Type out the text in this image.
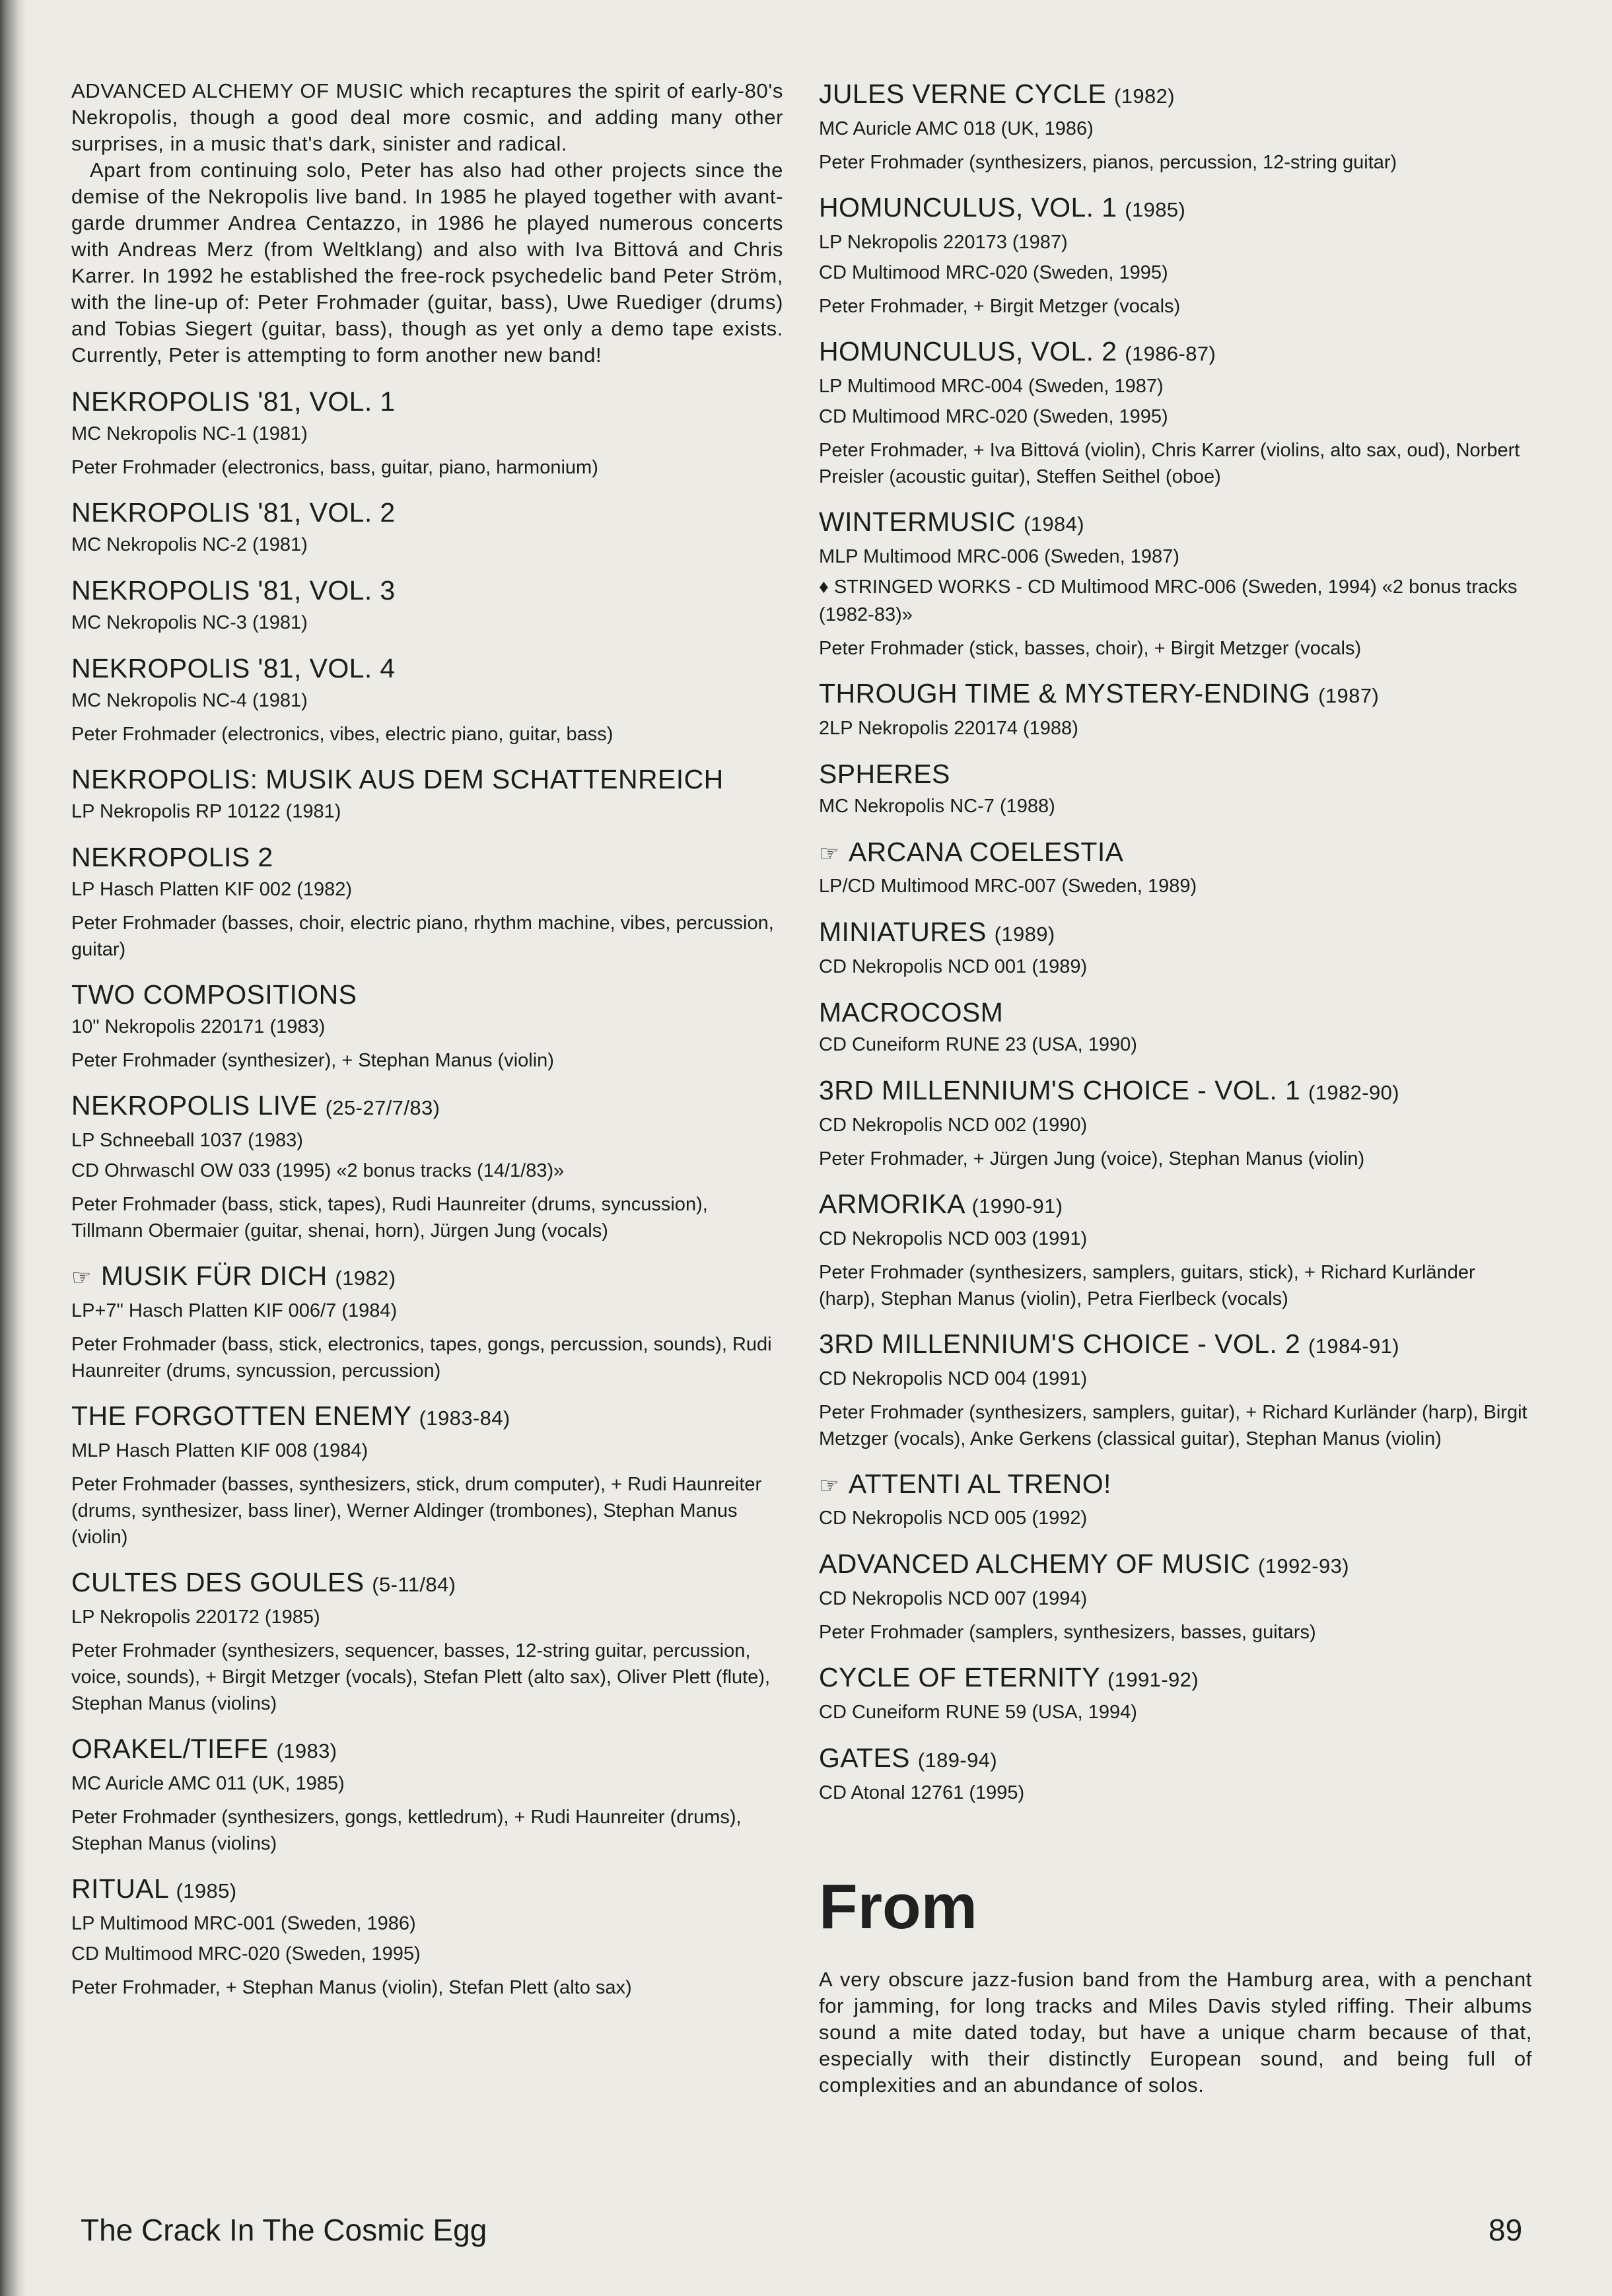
ADVANCED ALCHEMY OF MUSIC which recaptures the spirit of early-80's Nekropolis, though a good deal more cosmic, and adding many other surprises, in a music that's dark, sinister and radical.

Apart from continuing solo, Peter has also had other projects since the demise of the Nekropolis live band. In 1985 he played together with avant-garde drummer Andrea Centazzo, in 1986 he played numerous concerts with Andreas Merz (from Weltklang) and also with Iva Bittová and Chris Karrer. In 1992 he established the free-rock psychedelic band Peter Ström, with the line-up of: Peter Frohmader (guitar, bass), Uwe Ruediger (drums) and Tobias Siegert (guitar, bass), though as yet only a demo tape exists. Currently, Peter is attempting to form another new band!

NEKROPOLIS '81, VOL. 1
MC Nekropolis NC-1 (1981)
Peter Frohmader (electronics, bass, guitar, piano, harmonium)
NEKROPOLIS '81, VOL. 2
MC Nekropolis NC-2 (1981)
NEKROPOLIS '81, VOL. 3
MC Nekropolis NC-3 (1981)
NEKROPOLIS '81, VOL. 4
MC Nekropolis NC-4 (1981)
Peter Frohmader (electronics, vibes, electric piano, guitar, bass)
NEKROPOLIS: MUSIK AUS DEM SCHATTENREICH
LP Nekropolis RP 10122 (1981)
NEKROPOLIS 2
LP Hasch Platten KIF 002 (1982)
Peter Frohmader (basses, choir, electric piano, rhythm machine, vibes, percussion, guitar)
TWO COMPOSITIONS
10" Nekropolis 220171 (1983)
Peter Frohmader (synthesizer), + Stephan Manus (violin)
NEKROPOLIS LIVE (25-27/7/83)
LP Schneeball 1037 (1983)
CD Ohrwaschl OW 033 (1995) «2 bonus tracks (14/1/83)»
Peter Frohmader (bass, stick, tapes), Rudi Haunreiter (drums, syncussion), Tillmann Obermaier (guitar, shenai, horn), Jürgen Jung (vocals)
☞ MUSIK FÜR DICH (1982)
LP+7" Hasch Platten KIF 006/7 (1984)
Peter Frohmader (bass, stick, electronics, tapes, gongs, percussion, sounds), Rudi Haunreiter (drums, syncussion, percussion)
THE FORGOTTEN ENEMY (1983-84)
MLP Hasch Platten KIF 008 (1984)
Peter Frohmader (basses, synthesizers, stick, drum computer), + Rudi Haunreiter (drums, synthesizer, bass liner), Werner Aldinger (trombones), Stephan Manus (violin)
CULTES DES GOULES (5-11/84)
LP Nekropolis 220172 (1985)
Peter Frohmader (synthesizers, sequencer, basses, 12-string guitar, percussion, voice, sounds), + Birgit Metzger (vocals), Stefan Plett (alto sax), Oliver Plett (flute), Stephan Manus (violins)
ORAKEL/TIEFE (1983)
MC Auricle AMC 011 (UK, 1985)
Peter Frohmader (synthesizers, gongs, kettledrum), + Rudi Haunreiter (drums), Stephan Manus (violins)
RITUAL (1985)
LP Multimood MRC-001 (Sweden, 1986)
CD Multimood MRC-020 (Sweden, 1995)
Peter Frohmader, + Stephan Manus (violin), Stefan Plett (alto sax)
JULES VERNE CYCLE (1982)
MC Auricle AMC 018 (UK, 1986)
Peter Frohmader (synthesizers, pianos, percussion, 12-string guitar)
HOMUNCULUS, VOL. 1 (1985)
LP Nekropolis 220173 (1987)
CD Multimood MRC-020 (Sweden, 1995)
Peter Frohmader, + Birgit Metzger (vocals)
HOMUNCULUS, VOL. 2 (1986-87)
LP Multimood MRC-004 (Sweden, 1987)
CD Multimood MRC-020 (Sweden, 1995)
Peter Frohmader, + Iva Bittová (violin), Chris Karrer (violins, alto sax, oud), Norbert Preisler (acoustic guitar), Steffen Seithel (oboe)
WINTERMUSIC (1984)
MLP Multimood MRC-006 (Sweden, 1987)
♦ STRINGED WORKS - CD Multimood MRC-006 (Sweden, 1994) «2 bonus tracks (1982-83)»
Peter Frohmader (stick, basses, choir), + Birgit Metzger (vocals)
THROUGH TIME & MYSTERY-ENDING (1987)
2LP Nekropolis 220174 (1988)
SPHERES
MC Nekropolis NC-7 (1988)
☞ ARCANA COELESTIA
LP/CD Multimood MRC-007 (Sweden, 1989)
MINIATURES (1989)
CD Nekropolis NCD 001 (1989)
MACROCOSM
CD Cuneiform RUNE 23 (USA, 1990)
3RD MILLENNIUM'S CHOICE - VOL. 1 (1982-90)
CD Nekropolis NCD 002 (1990)
Peter Frohmader, + Jürgen Jung (voice), Stephan Manus (violin)
ARMORIKA (1990-91)
CD Nekropolis NCD 003 (1991)
Peter Frohmader (synthesizers, samplers, guitars, stick), + Richard Kurländer (harp), Stephan Manus (violin), Petra Fierlbeck (vocals)
3RD MILLENNIUM'S CHOICE - VOL. 2 (1984-91)
CD Nekropolis NCD 004 (1991)
Peter Frohmader (synthesizers, samplers, guitar), + Richard Kurländer (harp), Birgit Metzger (vocals), Anke Gerkens (classical guitar), Stephan Manus (violin)
☞ ATTENTI AL TRENO!
CD Nekropolis NCD 005 (1992)
ADVANCED ALCHEMY OF MUSIC (1992-93)
CD Nekropolis NCD 007 (1994)
Peter Frohmader (samplers, synthesizers, basses, guitars)
CYCLE OF ETERNITY (1991-92)
CD Cuneiform RUNE 59 (USA, 1994)
GATES (189-94)
CD Atonal 12761 (1995)
From
A very obscure jazz-fusion band from the Hamburg area, with a penchant for jamming, for long tracks and Miles Davis styled riffing. Their albums sound a mite dated today, but have a unique charm because of that, especially with their distinctly European sound, and being full of complexities and an abundance of solos.
The Crack In The Cosmic Egg	89
